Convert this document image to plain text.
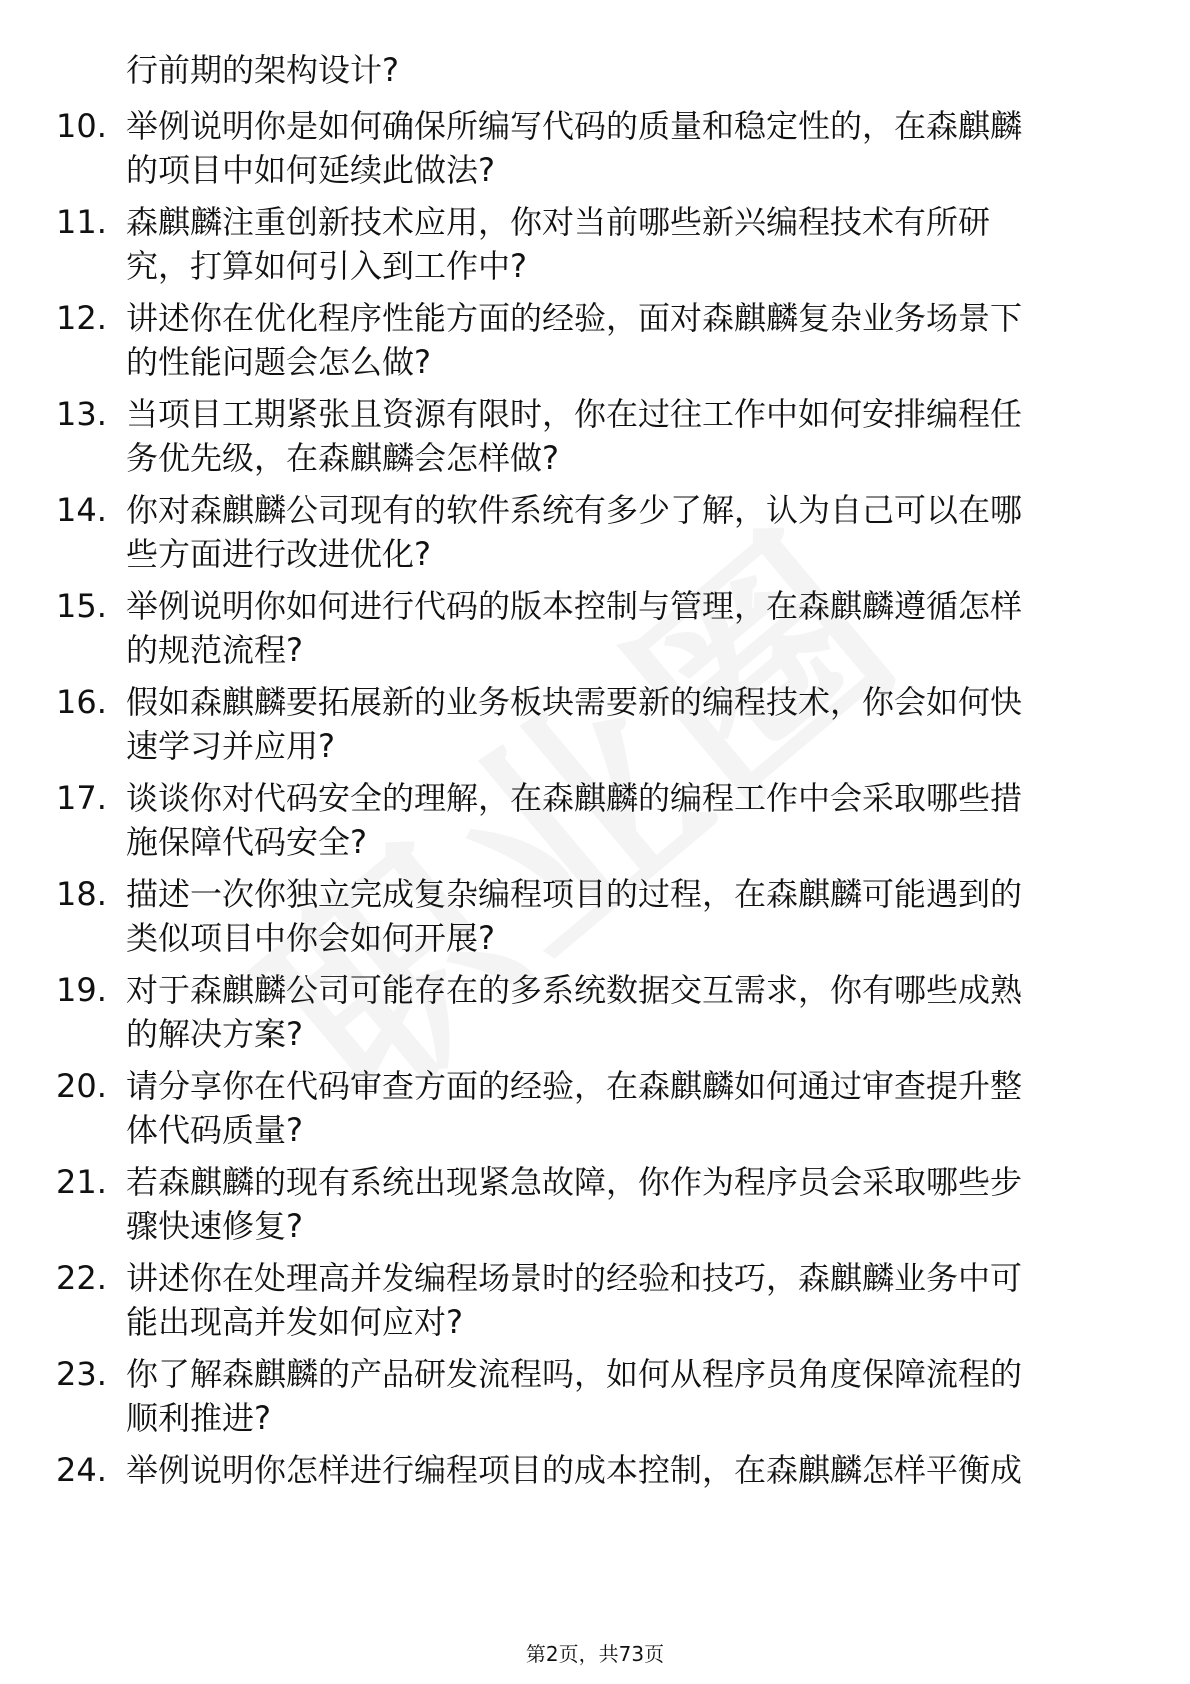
行前期的架构设计?
10. 举例说明你是如何确保所编写代码的质量和稳定性的，在森麒麟
的项目中如何延续此做法?
11. 森麒麟注重创新技术应用，你对当前哪些新兴编程技术有所研
究，打算如何引入到工作中?
12. 讲述你在优化程序性能方面的经验，面对森麒麟复杂业务场景下
的性能问题会怎么做?
13. 当项目工期紧张且资源有限时，你在过往工作中如何安排编程任
务优先级，在森麒麟会怎样做?
14. 你对森麒麟公司现有的软件系统有多少了解，认为自己可以在哪
些方面进行改进优化?
15. 举例说明你如何进行代码的版本控制与管理，在森麒麟遵循怎样
的规范流程?
16. 假如森麒麟要拓展新的业务板块需要新的编程技术，你会如何快
速学习并应用?
17. 谈谈你对代码安全的理解，在森麒麟的编程工作中会采取哪些措
施保障代码安全?
18. 描述一次你独立完成复杂编程项目的过程，在森麒麟可能遇到的
类似项目中你会如何开展?
19. 对于森麒麟公司可能存在的多系统数据交互需求，你有哪些成熟
的解决方案?
20. 请分享你在代码审查方面的经验，在森麒麟如何通过审查提升整
体代码质量?
21. 若森麒麟的现有系统出现紧急故障，你作为程序员会采取哪些步
骤快速修复?
22. 讲述你在处理高并发编程场景时的经验和技巧，森麒麟业务中可
能出现高并发如何应对?
23. 你了解森麒麟的产品研发流程吗，如何从程序员角度保障流程的
顺利推进?
24. 举例说明你怎样进行编程项目的成本控制，在森麒麟怎样平衡成
第2页，共73页
